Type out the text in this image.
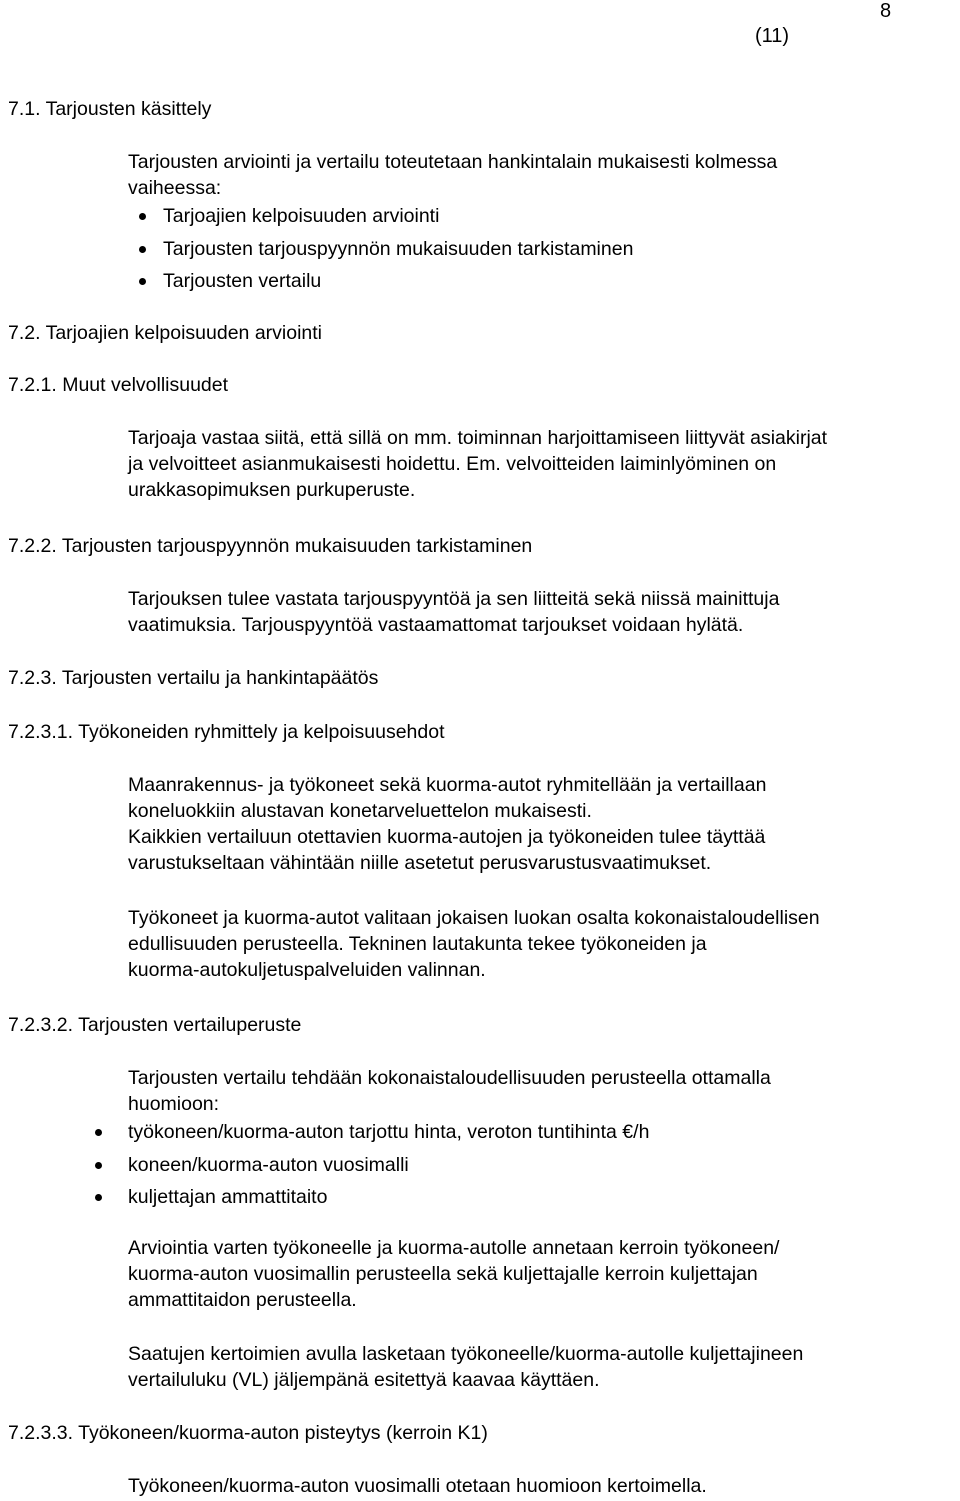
8
(11)
7.1. Tarjousten käsittely
Tarjousten arviointi ja vertailu toteutetaan hankintalain mukaisesti kolmessa
vaiheessa:
Tarjoajien kelpoisuuden arviointi
Tarjousten tarjouspyynnön mukaisuuden tarkistaminen
Tarjousten vertailu
7.2. Tarjoajien kelpoisuuden arviointi
7.2.1. Muut velvollisuudet
Tarjoaja vastaa siitä, että sillä on mm. toiminnan harjoittamiseen liittyvät asiakirjat
ja velvoitteet asianmukaisesti hoidettu. Em. velvoitteiden laiminlyöminen on
urakkasopimuksen purkuperuste.
7.2.2. Tarjousten tarjouspyynnön mukaisuuden tarkistaminen
Tarjouksen tulee vastata tarjouspyyntöä ja sen liitteitä sekä niissä mainittuja
vaatimuksia. Tarjouspyyntöä vastaamattomat tarjoukset voidaan hylätä.
7.2.3. Tarjousten vertailu ja hankintapäätös
7.2.3.1. Työkoneiden ryhmittely ja kelpoisuusehdot
Maanrakennus- ja työkoneet sekä kuorma-autot ryhmitellään ja vertaillaan
koneluokkiin alustavan konetarveluettelon mukaisesti.
Kaikkien vertailuun otettavien kuorma-autojen ja työkoneiden tulee täyttää
varustukseltaan vähintään niille asetetut perusvarustusvaatimukset.
Työkoneet ja kuorma-autot valitaan jokaisen luokan osalta kokonaistaloudellisen
edullisuuden perusteella. Tekninen lautakunta tekee työkoneiden ja
kuorma-autokuljetuspalveluiden valinnan.
7.2.3.2. Tarjousten vertailuperuste
Tarjousten vertailu tehdään kokonaistaloudellisuuden perusteella ottamalla
huomioon:
työkoneen/kuorma-auton tarjottu hinta, veroton tuntihinta €/h
koneen/kuorma-auton vuosimalli
kuljettajan ammattitaito
Arviointia varten työkoneelle ja kuorma-autolle annetaan kerroin työkoneen/
kuorma-auton vuosimallin perusteella sekä kuljettajalle kerroin kuljettajan
ammattitaidon perusteella.
Saatujen kertoimien avulla lasketaan työkoneelle/kuorma-autolle kuljettajineen
vertailuluku (VL) jäljempänä esitettyä kaavaa käyttäen.
7.2.3.3. Työkoneen/kuorma-auton pisteytys (kerroin K1)
Työkoneen/kuorma-auton vuosimalli otetaan huomioon kertoimella.
